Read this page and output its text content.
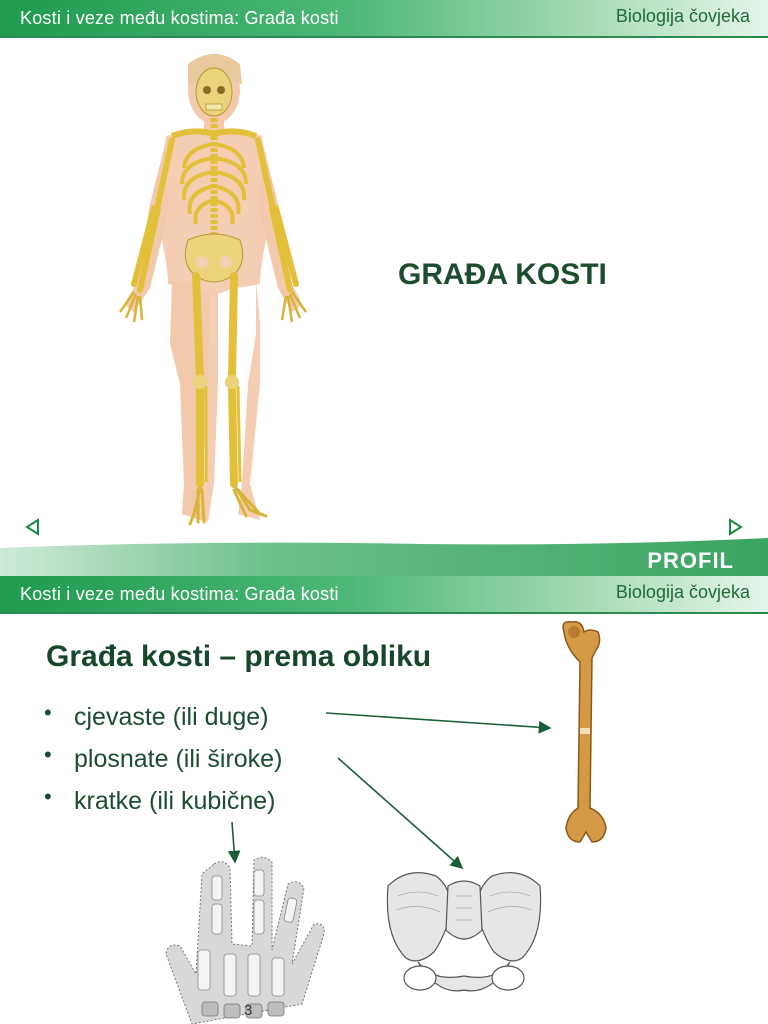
Kosti i veze među kostima: Građa kosti	Biologija čovjeka
GRAĐA KOSTI
PROFIL
Kosti i veze među kostima: Građa kosti	Biologija čovjeka
Građa kosti – prema obliku
• cjevaste (ili duge)
• plosnate (ili široke)
• kratke (ili kubične)
3
